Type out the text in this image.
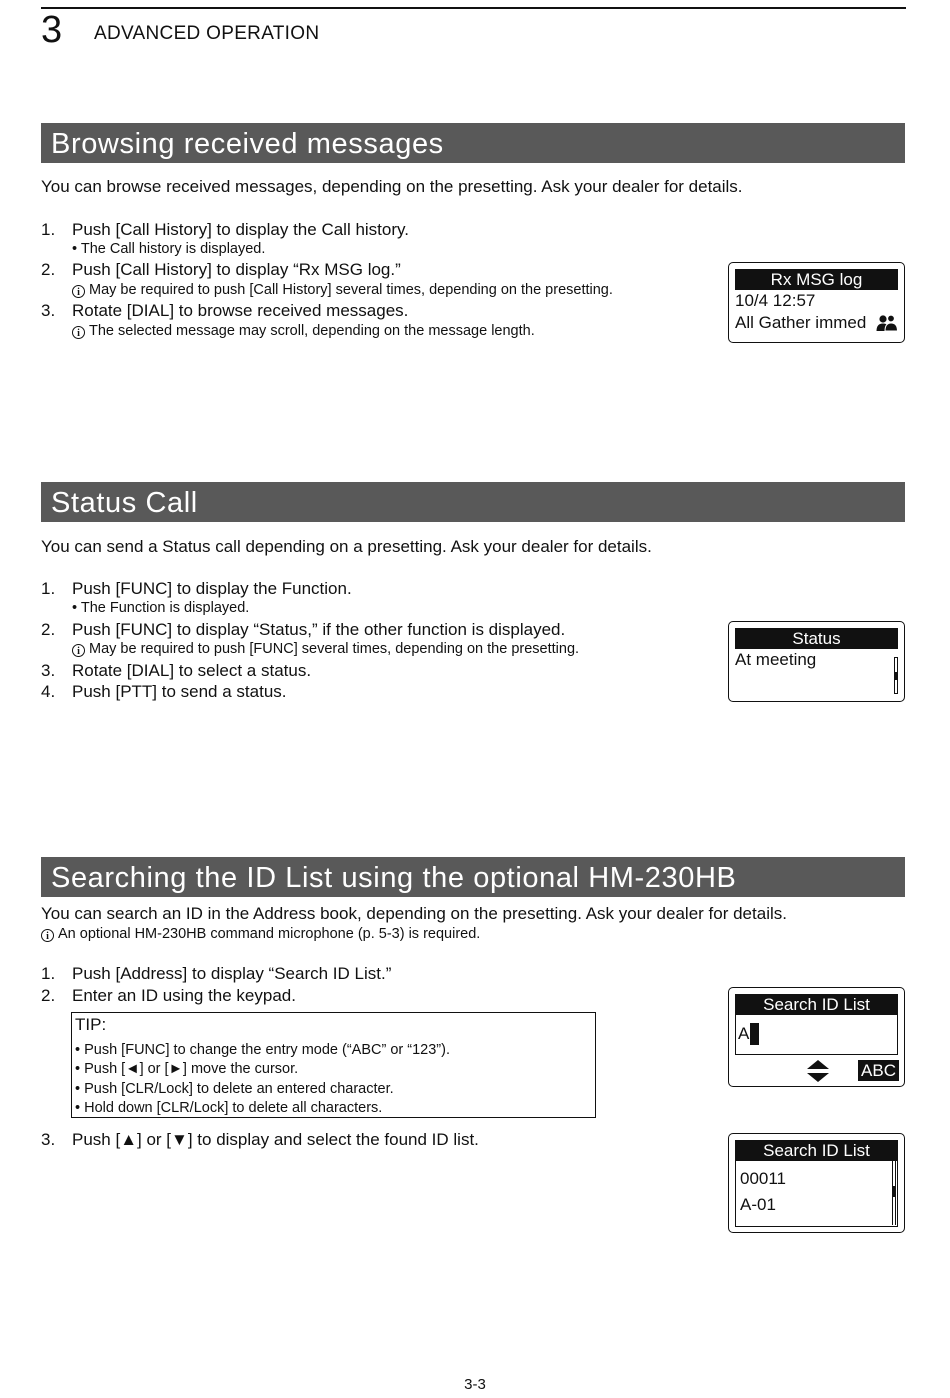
3 ADVANCED OPERATION
Browsing received messages
You can browse received messages, depending on the presetting. Ask your dealer for details.
1. Push [Call History] to display the Call history.
• The Call history is displayed.
2. Push [Call History] to display “Rx MSG log.”
i May be required to push [Call History] several times, depending on the presetting.
3. Rotate [DIAL] to browse received messages.
i The selected message may scroll, depending on the message length.
Rx MSG log
10/4 12:57
All Gather immed
Status Call
You can send a Status call depending on a presetting. Ask your dealer for details.
1. Push [FUNC] to display the Function.
• The Function is displayed.
2. Push [FUNC] to display “Status,” if the other function is displayed.
i May be required to push [FUNC] several times, depending on the presetting.
3. Rotate [DIAL] to select a status.
4. Push [PTT] to send a status.
Status
At meeting
Searching the ID List using the optional HM-230HB
You can search an ID in the Address book, depending on the presetting. Ask your dealer for details.
i An optional HM-230HB command microphone (p. 5-3) is required.
1. Push [Address] to display “Search ID List.”
2. Enter an ID using the keypad.
TIP:
• Push [FUNC] to change the entry mode (“ABC” or “123”).
• Push [◄] or [►] move the cursor.
• Push [CLR/Lock] to delete an entered character.
• Hold down [CLR/Lock] to delete all characters.
3. Push [▲] or [▼] to display and select the found ID list.
Search ID List
A
ABC
Search ID List
00011
A-01
3-3
